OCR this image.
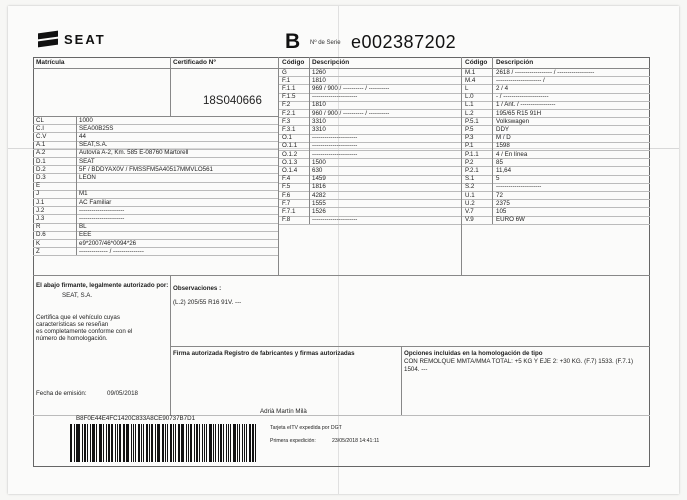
SEAT	B Nº de Serie e002387202
CL	1000
C.I	SEA00B25S
C.V	44
A.1	SEAT,S.A.
A.2	Autovía A-2, Km. 585 E-08760 Martorell
D.1	SEAT
D.2	5F / BDDYAX0V / FMSSFM5A40517MMVLO561
D.3	LEON
E
J	M1
J.1	AC Familiar
J.2	----------------------
J.3	----------------------
R	BL
D.6	EEE
K	e9*2007/46*0094*26
Z	-------------- / ---------------
G	1260
F.1	1810
F.1.1	969 / 900 / ---------- / ----------
F.1.5	----------------------
F.2	1810
F.2.1	960 / 900 / ---------- / ----------
F.3	3310
F.3.1	3310
O.1	----------------------
O.1.1 ----------------------
O.1.2 ----------------------
O.1.3 1500
O.1.4 630
F.4	1459
F.5	1816
F.6	4282
F.7	1555
F.7.1	1526
F.8	----------------------
M.1	2618 / ------------------ / ------------------
M.4	---------------------- /
L	2 / 4
L.0	- / ----------------------
L.1	1 / Ant. / -----------------
L.2	195/65 R15 91H
P.5.1	Volkswagen
P.5	DDY
P.3	M / D
P.1	1598
P.1.1	4 / En línea
P.2	85
P.2.1	11,64
S.1	5
S.2	----------------------
U.1	72
U.2	2375
V.7	105
V.9	EURO 6W
Matrícula	Certificado Nº
18S040666
Código Descripción	Código Descripción
El abajo firmante, legalmente autorizado por:
SEAT, S.A.
Certifica que el vehículo cuyas
características se reseñan
es completamente conforme con el
número de homologación.
Fecha de emisión:	09/05/2018
Observaciones :
(L.2) 205/55 R16 91V. ---
Firma autorizada Registro de fabricantes y firmas autorizadas
Adrià Martín Milà
Opciones incluidas en la homologación de tipo
CON REMOLQUE MMTA/MMA TOTAL: +5 KG Y EJE 2: +30 KG. (F.7) 1533. (F.7.1)
1504. ---
B8F0E44E4FC1420C833A8CE90737B7D1
Tarjeta eITV expedida por DGT
Primera expedición:	23/05/2018 14:41:11
